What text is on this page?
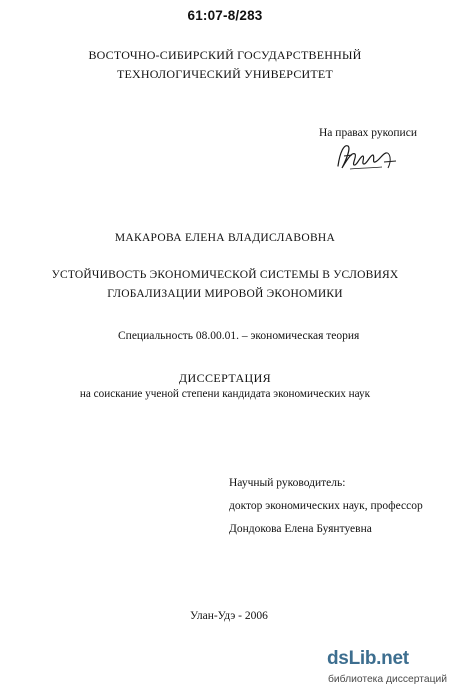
61:07-8/283
ВОСТОЧНО-СИБИРСКИЙ ГОСУДАРСТВЕННЫЙ
ТЕХНОЛОГИЧЕСКИЙ УНИВЕРСИТЕТ
На правах рукописи
МАКАРОВА ЕЛЕНА ВЛАДИСЛАВОВНА
УСТОЙЧИВОСТЬ ЭКОНОМИЧЕСКОЙ СИСТЕМЫ В УСЛОВИЯХ
ГЛОБАЛИЗАЦИИ МИРОВОЙ ЭКОНОМИКИ
Специальность 08.00.01. – экономическая теория
ДИССЕРТАЦИЯ
на соискание ученой степени кандидата экономических наук
Научный руководитель:
доктор экономических наук, профессор
Дондокова Елена Буянтуевна
Улан-Удэ - 2006
dsLib.net
библиотека диссертаций
